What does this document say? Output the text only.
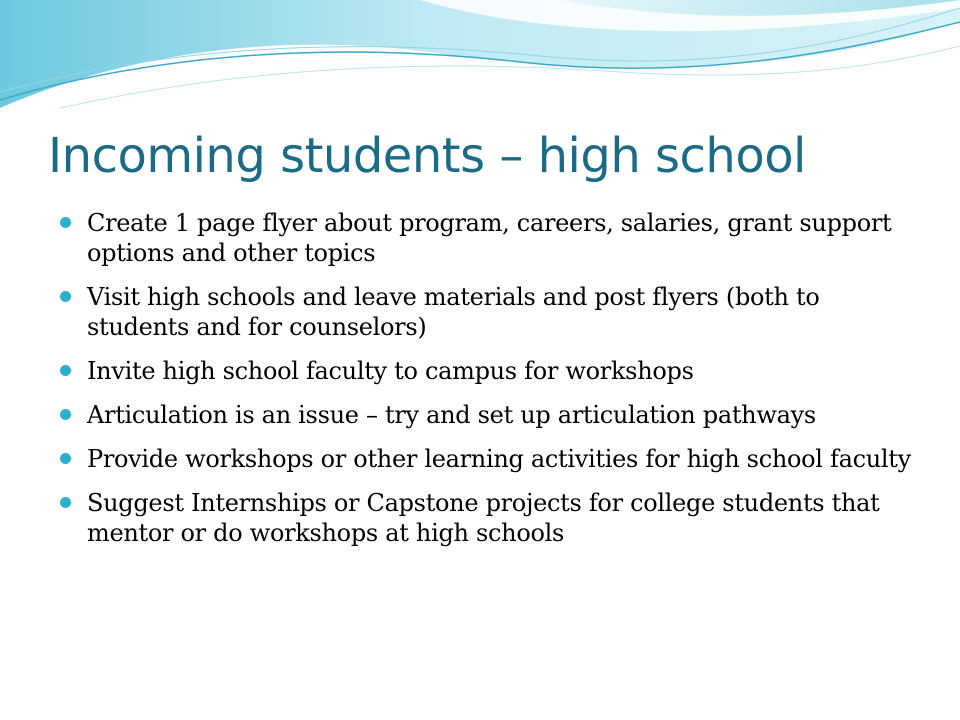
Incoming students – high school
Create 1 page flyer about program, careers, salaries, grant support options and other topics
Visit high schools and leave materials and post flyers (both to students and for counselors)
Invite high school faculty to campus for workshops
Articulation is an issue – try and set up articulation pathways
Provide workshops or other learning activities for high school faculty
Suggest Internships or Capstone projects for college students that mentor or do workshops at high schools
